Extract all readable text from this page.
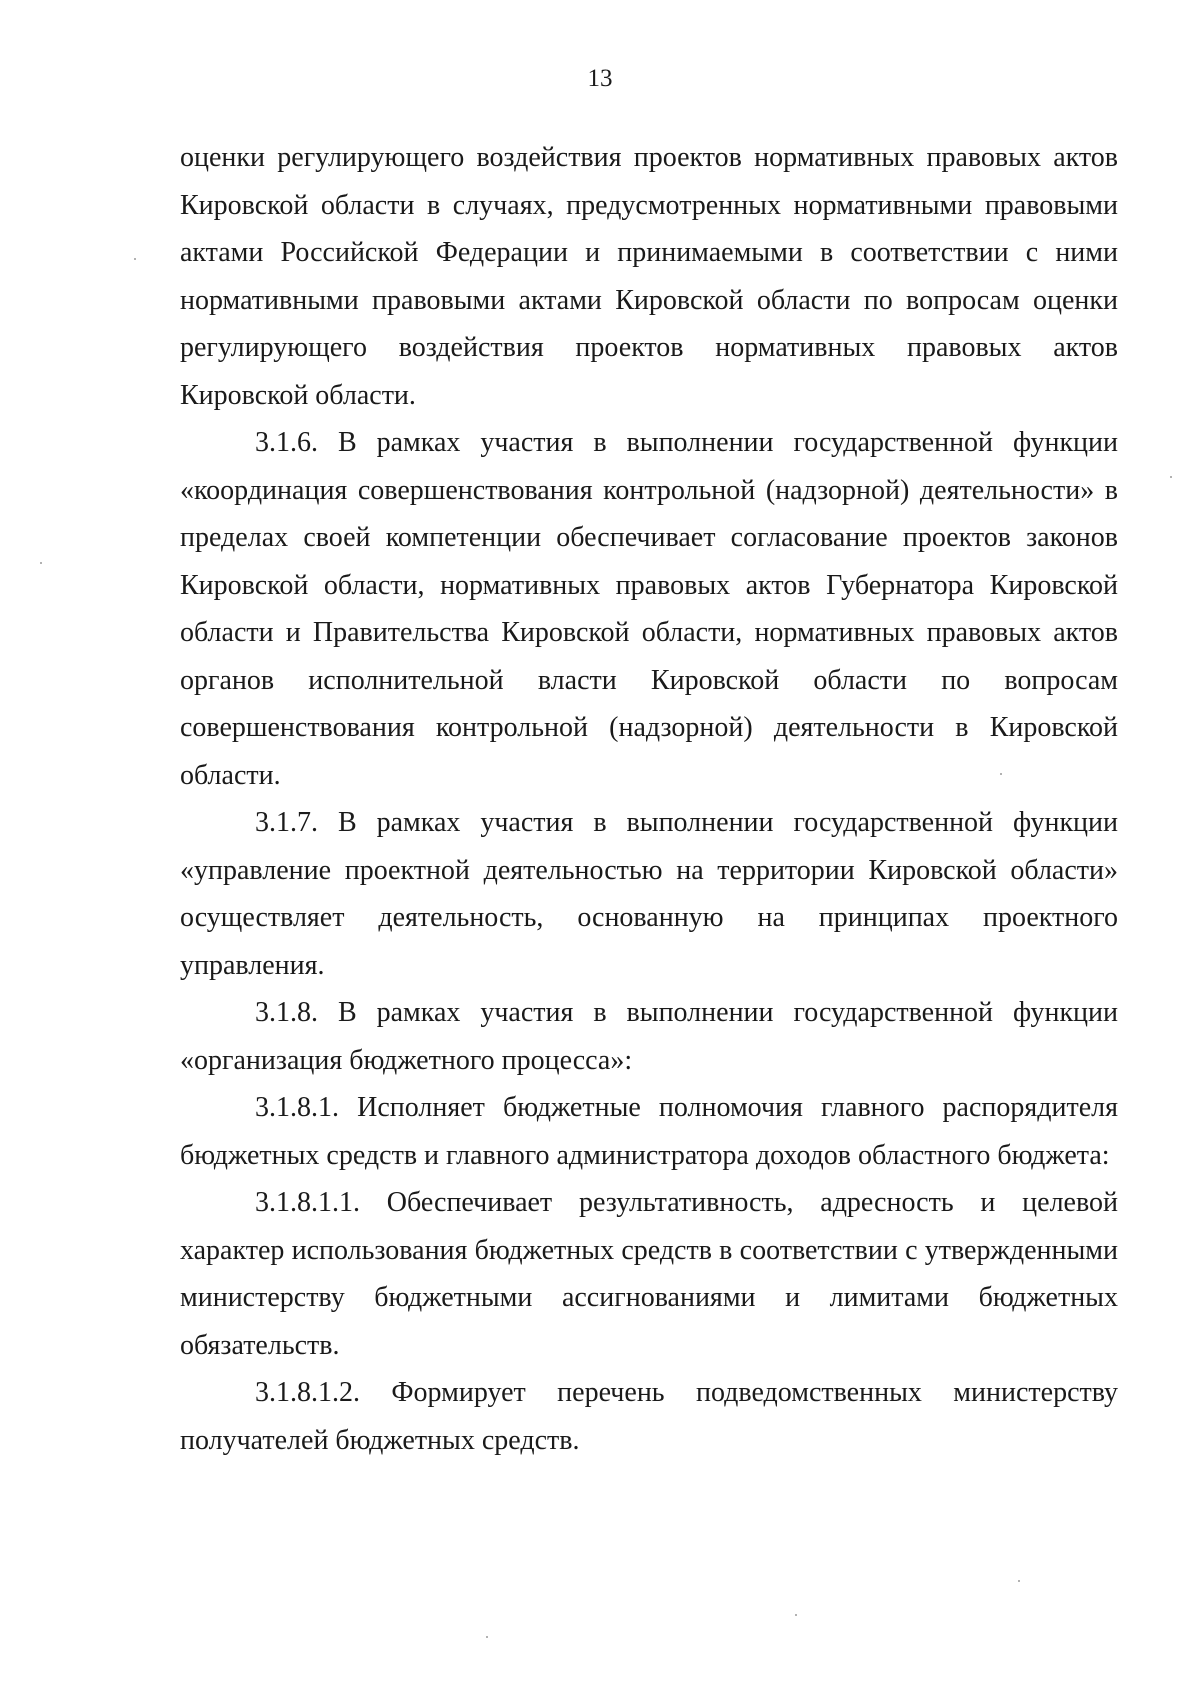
13

оценки регулирующего воздействия проектов нормативных правовых актов Кировской области в случаях, предусмотренных нормативными правовыми актами Российской Федерации и принимаемыми в соответствии с ними нормативными правовыми актами Кировской области по вопросам оценки регулирующего воздействия проектов нормативных правовых актов Кировской области.

3.1.6. В рамках участия в выполнении государственной функции «координация совершенствования контрольной (надзорной) деятельности» в пределах своей компетенции обеспечивает согласование проектов законов Кировской области, нормативных правовых актов Губернатора Кировской области и Правительства Кировской области, нормативных правовых актов органов исполнительной власти Кировской области по вопросам совершенствования контрольной (надзорной) деятельности в Кировской области.

3.1.7. В рамках участия в выполнении государственной функции «управление проектной деятельностью на территории Кировской области» осуществляет деятельность, основанную на принципах проектного управления.

3.1.8. В рамках участия в выполнении государственной функции «организация бюджетного процесса»:

3.1.8.1. Исполняет бюджетные полномочия главного распорядителя бюджетных средств и главного администратора доходов областного бюджета:

3.1.8.1.1. Обеспечивает результативность, адресность и целевой характер использования бюджетных средств в соответствии с утвержденными министерству бюджетными ассигнованиями и лимитами бюджетных обязательств.

3.1.8.1.2. Формирует перечень подведомственных министерству получателей бюджетных средств.
